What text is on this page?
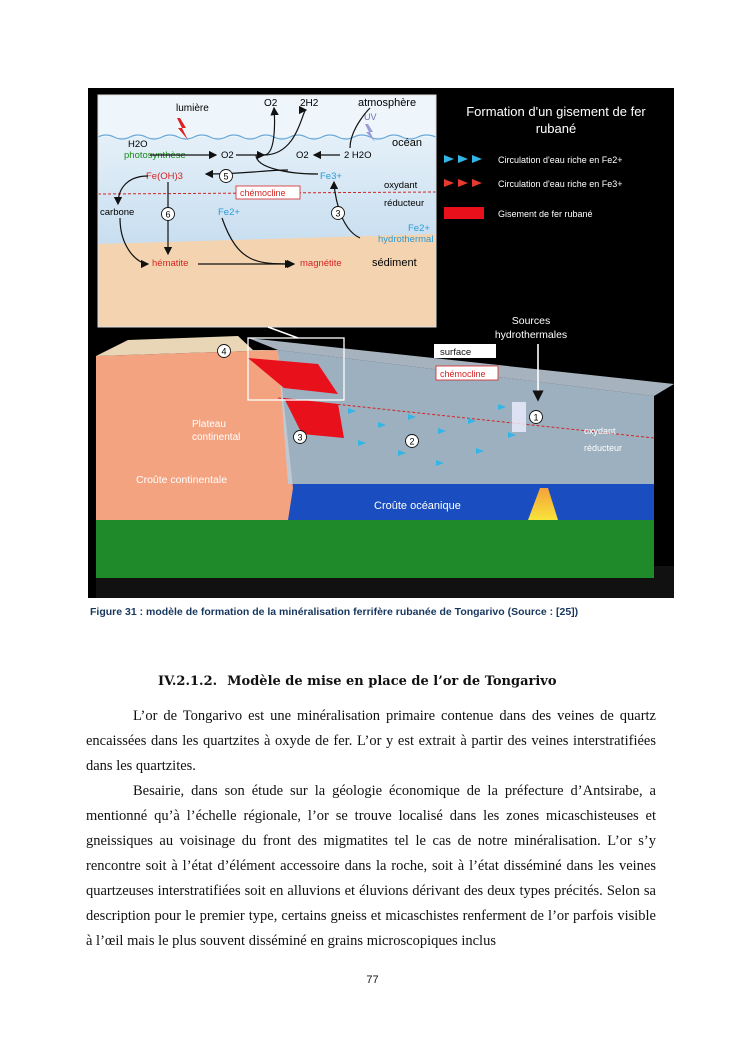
lumière	O2 2H2	atmosphère
UV
océan
H2O
photosynthèse	O2	O2	2 H2O
Fe(OH)3	Fe3+
chémocline
oxydant
réducteur
carbone	Fe2+
Fe2+
hydrothermal
hématite	magnétite	sédiment
5
6	3
Formation d'un gisement de fer
rubané
Circulation d'eau riche en Fe2+
Circulation d'eau riche en Fe3+
Gisement de fer rubané
Sources
hydrothermales
surface
chémocline
Plateau
continental
Croûte continentale
Croûte océanique
oxydant
réducteur
4
1
3	2
Figure 31 : modèle de formation de la minéralisation ferrifère rubanée de Tongarivo (Source : [25])
IV.2.1.2. Modèle de mise en place de l’or de Tongarivo

L’or de Tongarivo est une minéralisation primaire contenue dans des veines de quartz encaissées dans les quartzites à oxyde de fer. L’or y est extrait à partir des veines interstratifiées dans les quartzites.

Besairie, dans son étude sur la géologie économique de la préfecture d’Antsirabe, a mentionné qu’à l’échelle régionale, l’or se trouve localisé dans les zones micaschisteuses et gneissiques au voisinage du front des migmatites tel le cas de notre minéralisation. L’or s’y rencontre soit à l’état d’élément accessoire dans la roche, soit à l’état disséminé dans les veines quartzeuses interstratifiées soit en alluvions et éluvions dérivant des deux types précités. Selon sa description pour le premier type, certains gneiss et micaschistes renferment de l’or parfois visible à l’œil mais le plus souvent disséminé en grains microscopiques inclus

77
